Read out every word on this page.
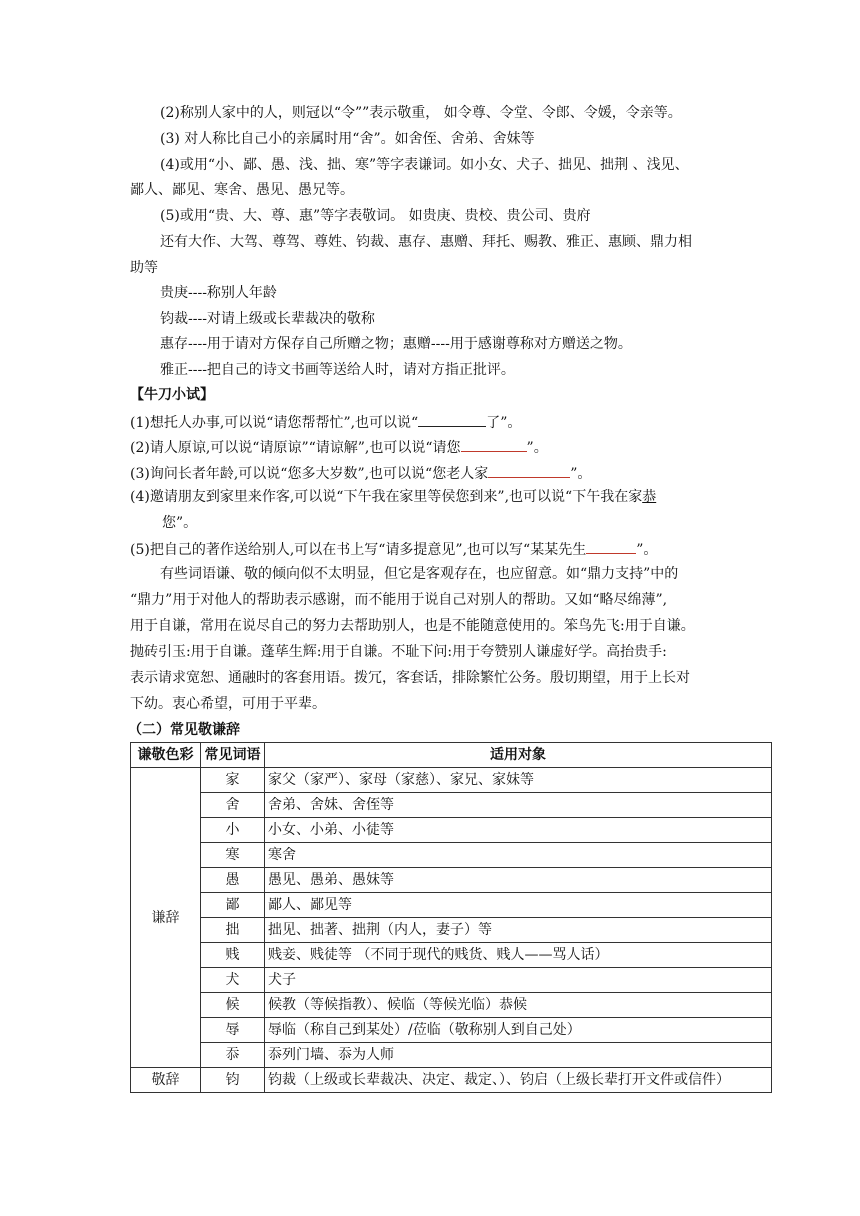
(2)称别人家中的人，则冠以“令””表示敬重， 如令尊、令堂、令郎、令媛，令亲等。
(3) 对人称比自己小的亲属时用“舍”。如舍侄、舍弟、舍妹等
(4)或用“小、鄙、愚、浅、拙、寒”等字表谦词。如小女、犬子、拙见、拙荆 、浅见、
鄙人、鄙见、寒舍、愚见、愚兄等。
(5)或用“贵、大、尊、惠”等字表敬词。 如贵庚、贵校、贵公司、贵府
还有大作、大驾、尊驾、尊姓、钧裁、惠存、惠赠、拜托、赐教、雅正、惠顾、鼎力相
助等
贵庚----称别人年龄
钧裁----对请上级或长辈裁决的敬称
惠存----用于请对方保存自己所赠之物；惠赠----用于感谢尊称对方赠送之物。
雅正----把自己的诗文书画等送给人时，请对方指正批评。
【牛刀小试】
(1)想托人办事,可以说“请您帮帮忙”,也可以说“	了”。
(2)请人原谅,可以说“请原谅”“请谅解”,也可以说“请您	”。
(3)询问长者年龄,可以说“您多大岁数”,也可以说“您老人家	”。
(4)邀请朋友到家里来作客,可以说“下午我在家里等侯您到来”,也可以说“下午我在家恭
您”。
(5)把自己的著作送给别人,可以在书上写“请多提意见”,也可以写“某某先生	”。
有些词语谦、敬的倾向似不太明显，但它是客观存在，也应留意。如“鼎力支持”中的
“鼎力”用于对他人的帮助表示感谢，而不能用于说自己对别人的帮助。又如“略尽绵薄”,
用于自谦，常用在说尽自己的努力去帮助别人，也是不能随意使用的。笨鸟先飞:用于自谦。
抛砖引玉:用于自谦。蓬荜生辉:用于自谦。不耻下问:用于夸赞别人谦虚好学。高抬贵手:
表示请求宽恕、通融时的客套用语。拨冗，客套话，排除繁忙公务。殷切期望，用于上长对
下幼。衷心希望，可用于平辈。
（二）常见敬谦辞
谦敬色彩	常见词语	适用对象
谦辞	家	家父（家严）、家母（家慈）、家兄、家妹等
	舍	舍弟、舍妹、舍侄等
	小	小女、小弟、小徒等
	寒	寒舍
	愚	愚见、愚弟、愚妹等
	鄙	鄙人、鄙见等
	拙	拙见、拙著、拙荆（内人，妻子）等
	贱	贱妾、贱徒等 （不同于现代的贱货、贱人——骂人话）
	犬	犬子
	候	候教（等候指教）、候临（等候光临）恭候
	辱	辱临（称自己到某处）/莅临（敬称别人到自己处）
	忝	忝列门墙、忝为人师
敬辞	钧	钧裁（上级或长辈裁决、决定、裁定、）、钧启（上级长辈打开文件或信件）
